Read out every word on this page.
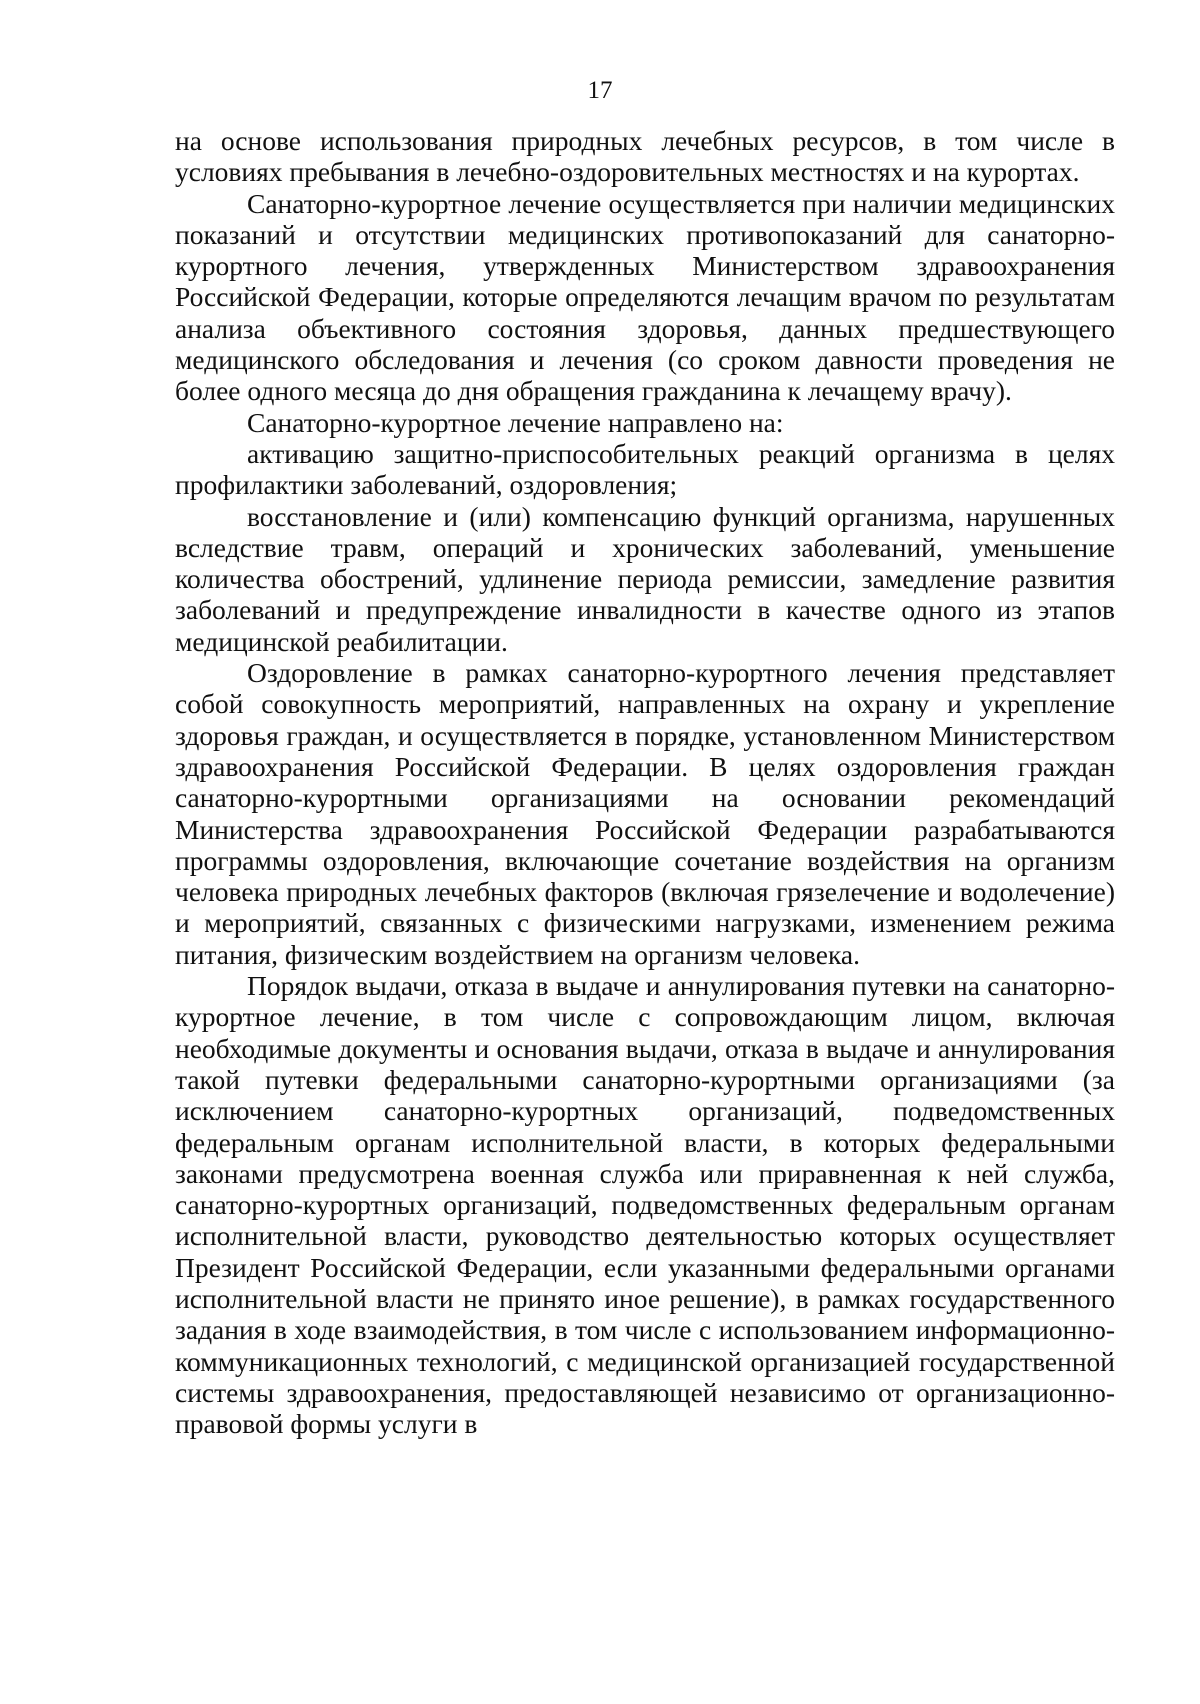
17

на основе использования природных лечебных ресурсов, в том числе в условиях пребывания в лечебно-оздоровительных местностях и на курортах.

Санаторно-курортное лечение осуществляется при наличии медицинских показаний и отсутствии медицинских противопоказаний для санаторно-курортного лечения, утвержденных Министерством здравоохранения Российской Федерации, которые определяются лечащим врачом по результатам анализа объективного состояния здоровья, данных предшествующего медицинского обследования и лечения (со сроком давности проведения не более одного месяца до дня обращения гражданина к лечащему врачу).

Санаторно-курортное лечение направлено на:

активацию защитно-приспособительных реакций организма в целях профилактики заболеваний, оздоровления;

восстановление и (или) компенсацию функций организма, нарушенных вследствие травм, операций и хронических заболеваний, уменьшение количества обострений, удлинение периода ремиссии, замедление развития заболеваний и предупреждение инвалидности в качестве одного из этапов медицинской реабилитации.

Оздоровление в рамках санаторно-курортного лечения представляет собой совокупность мероприятий, направленных на охрану и укрепление здоровья граждан, и осуществляется в порядке, установленном Министерством здравоохранения Российской Федерации. В целях оздоровления граждан санаторно-курортными организациями на основании рекомендаций Министерства здравоохранения Российской Федерации разрабатываются программы оздоровления, включающие сочетание воздействия на организм человека природных лечебных факторов (включая грязелечение и водолечение) и мероприятий, связанных с физическими нагрузками, изменением режима питания, физическим воздействием на организм человека.

Порядок выдачи, отказа в выдаче и аннулирования путевки на санаторно-курортное лечение, в том числе с сопровождающим лицом, включая необходимые документы и основания выдачи, отказа в выдаче и аннулирования такой путевки федеральными санаторно-курортными организациями (за исключением санаторно-курортных организаций, подведомственных федеральным органам исполнительной власти, в которых федеральными законами предусмотрена военная служба или приравненная к ней служба, санаторно-курортных организаций, подведомственных федеральным органам исполнительной власти, руководство деятельностью которых осуществляет Президент Российской Федерации, если указанными федеральными органами исполнительной власти не принято иное решение), в рамках государственного задания в ходе взаимодействия, в том числе с использованием информационно-коммуникационных технологий, с медицинской организацией государственной системы здравоохранения, предоставляющей независимо от организационно-правовой формы услуги в
